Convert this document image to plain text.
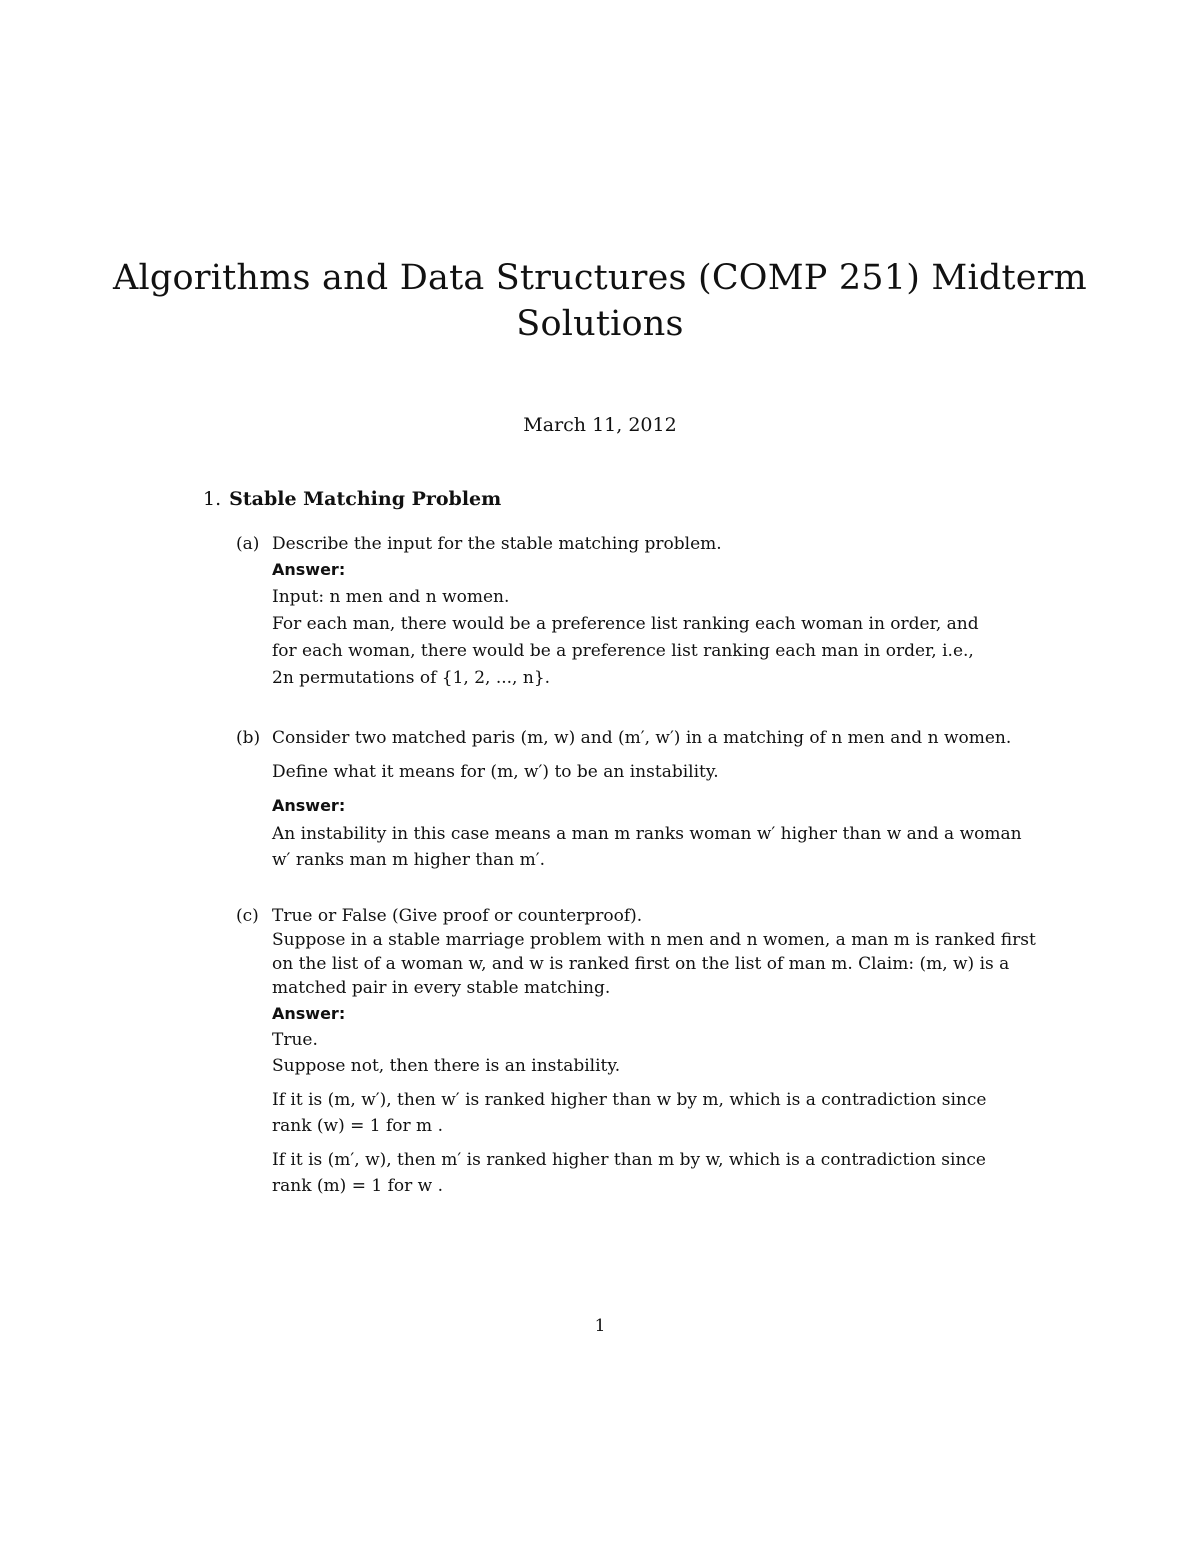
Algorithms and Data Structures (COMP 251) Midterm
Solutions
March 11, 2012
1. Stable Matching Problem
(a) Describe the input for the stable matching problem.
Answer:
Input: n men and n women.
For each man, there would be a preference list ranking each woman in order, and
for each woman, there would be a preference list ranking each man in order, i.e.,
2n permutations of {1, 2, ..., n}.
(b) Consider two matched paris (m, w) and (m′, w′) in a matching of n men and n women.
Define what it means for (m, w′) to be an instability.
Answer:
An instability in this case means a man m ranks woman w′ higher than w and a woman
w′ ranks man m higher than m′.
(c) True or False (Give proof or counterproof).
Suppose in a stable marriage problem with n men and n women, a man m is ranked first
on the list of a woman w, and w is ranked first on the list of man m. Claim: (m, w) is a
matched pair in every stable matching.
Answer:
True.
Suppose not, then there is an instability.
If it is (m, w′), then w′ is ranked higher than w by m, which is a contradiction since
rank (w) = 1 for m .
If it is (m′, w), then m′ is ranked higher than m by w, which is a contradiction since
rank (m) = 1 for w .
1
